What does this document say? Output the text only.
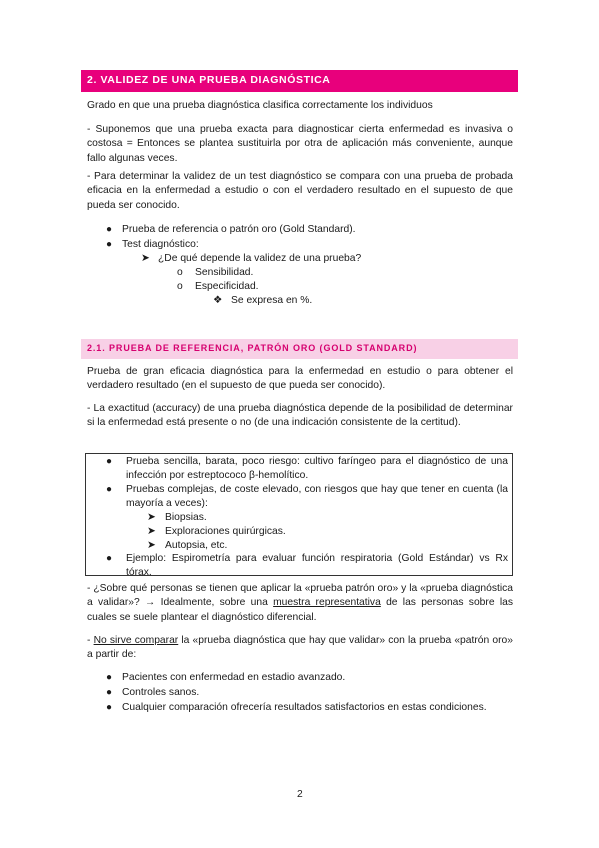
2. VALIDEZ DE UNA PRUEBA DIAGNÓSTICA
Grado en que una prueba diagnóstica clasifica correctamente los individuos
- Suponemos que una prueba exacta para diagnosticar cierta enfermedad es invasiva o costosa = Entonces se plantea sustituirla por otra de aplicación más conveniente, aunque fallo algunas veces.
- Para determinar la validez de un test diagnóstico se compara con una prueba de probada eficacia en la enfermedad a estudio o con el verdadero resultado en el supuesto de que pueda ser conocido.
● Prueba de referencia o patrón oro (Gold Standard).
● Test diagnóstico:
➤ ¿De qué depende la validez de una prueba?
o Sensibilidad.
o Especificidad.
❖ Se expresa en %.
2.1. PRUEBA DE REFERENCIA, PATRÓN ORO (GOLD STANDARD)
Prueba de gran eficacia diagnóstica para la enfermedad en estudio o para obtener el verdadero resultado (en el supuesto de que pueda ser conocido).
- La exactitud (accuracy) de una prueba diagnóstica depende de la posibilidad de determinar si la enfermedad está presente o no (de una indicación consistente de la certitud).
● Prueba sencilla, barata, poco riesgo: cultivo faríngeo para el diagnóstico de una infección por estreptococo β-hemolítico.
● Pruebas complejas, de coste elevado, con riesgos que hay que tener en cuenta (la mayoría a veces):
➤ Biopsias.
➤ Exploraciones quirúrgicas.
➤ Autopsia, etc.
● Ejemplo: Espirometría para evaluar función respiratoria (Gold Estándar) vs Rx tórax.
- ¿Sobre qué personas se tienen que aplicar la «prueba patrón oro» y la «prueba diagnóstica a validar»? → Idealmente, sobre una muestra representativa de las personas sobre las cuales se suele plantear el diagnóstico diferencial.
- No sirve comparar la «prueba diagnóstica que hay que validar» con la prueba «patrón oro» a partir de:
● Pacientes con enfermedad en estadio avanzado.
● Controles sanos.
● Cualquier comparación ofrecería resultados satisfactorios en estas condiciones.
2
